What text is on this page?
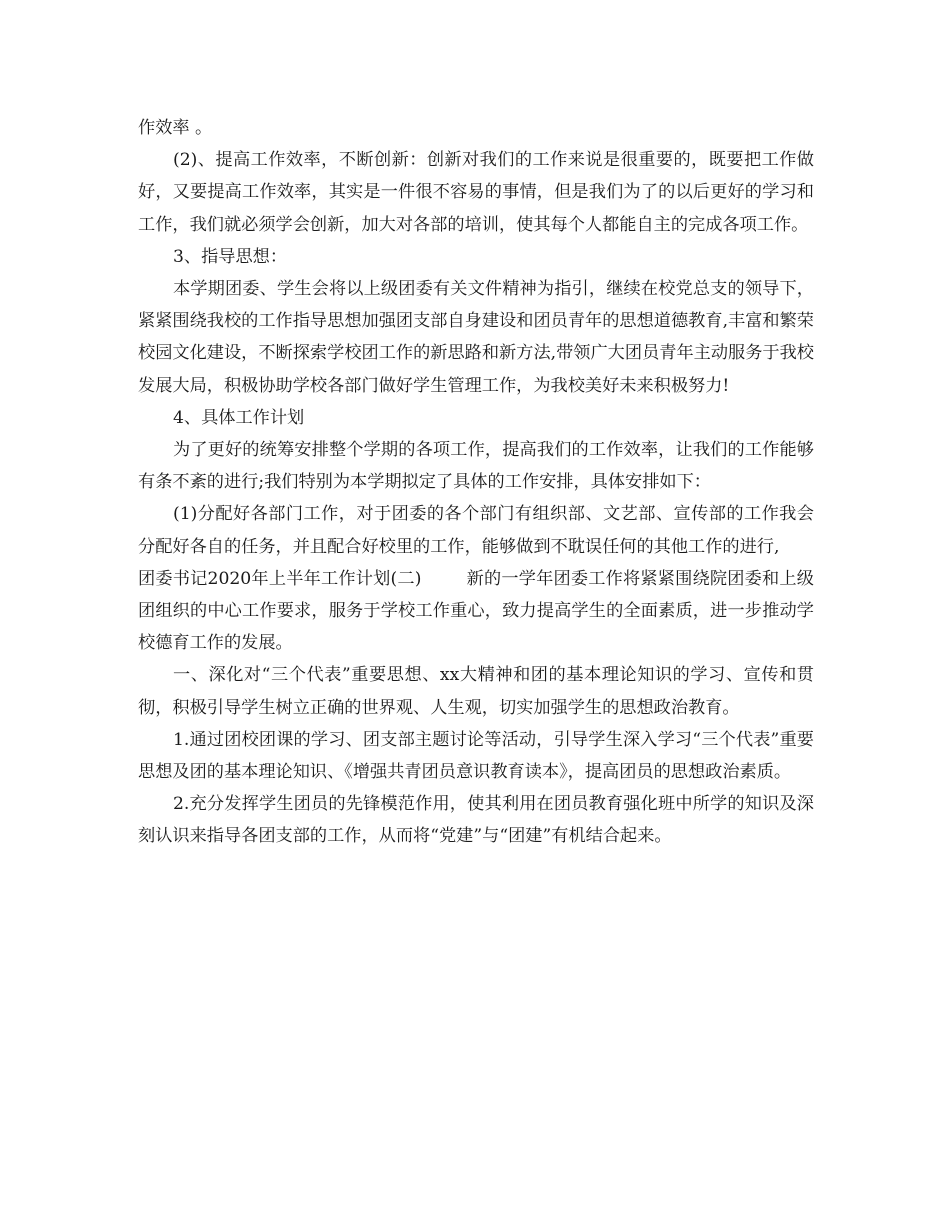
作效率 。

(2)、提高工作效率，不断创新：创新对我们的工作来说是很重要的，既要把工作做好，又要提高工作效率，其实是一件很不容易的事情，但是我们为了的以后更好的学习和工作，我们就必须学会创新，加大对各部的培训，使其每个人都能自主的完成各项工作。

3、指导思想：

本学期团委、学生会将以上级团委有关文件精神为指引，继续在校党总支的领导下，紧紧围绕我校的工作指导思想加强团支部自身建设和团员青年的思想道德教育,丰富和繁荣校园文化建设，不断探索学校团工作的新思路和新方法,带领广大团员青年主动服务于我校发展大局，积极协助学校各部门做好学生管理工作，为我校美好未来积极努力!

4、具体工作计划

为了更好的统筹安排整个学期的各项工作，提高我们的工作效率，让我们的工作能够有条不紊的进行;我们特别为本学期拟定了具体的工作安排，具体安排如下：

(1)分配好各部门工作，对于团委的各个部门有组织部、文艺部、宣传部的工作我会分配好各自的任务，并且配合好校里的工作，能够做到不耽误任何的其他工作的进行,

团委书记2020年上半年工作计划(二)        新的一学年团委工作将紧紧围绕院团委和上级团组织的中心工作要求，服务于学校工作重心，致力提高学生的全面素质，进一步推动学校德育工作的发展。

一、深化对“三个代表”重要思想、xx大精神和团的基本理论知识的学习、宣传和贯彻，积极引导学生树立正确的世界观、人生观，切实加强学生的思想政治教育。

1.通过团校团课的学习、团支部主题讨论等活动，引导学生深入学习“三个代表”重要思想及团的基本理论知识、《增强共青团员意识教育读本》，提高团员的思想政治素质。

2.充分发挥学生团员的先锋模范作用，使其利用在团员教育强化班中所学的知识及深刻认识来指导各团支部的工作，从而将“党建”与“团建”有机结合起来。
